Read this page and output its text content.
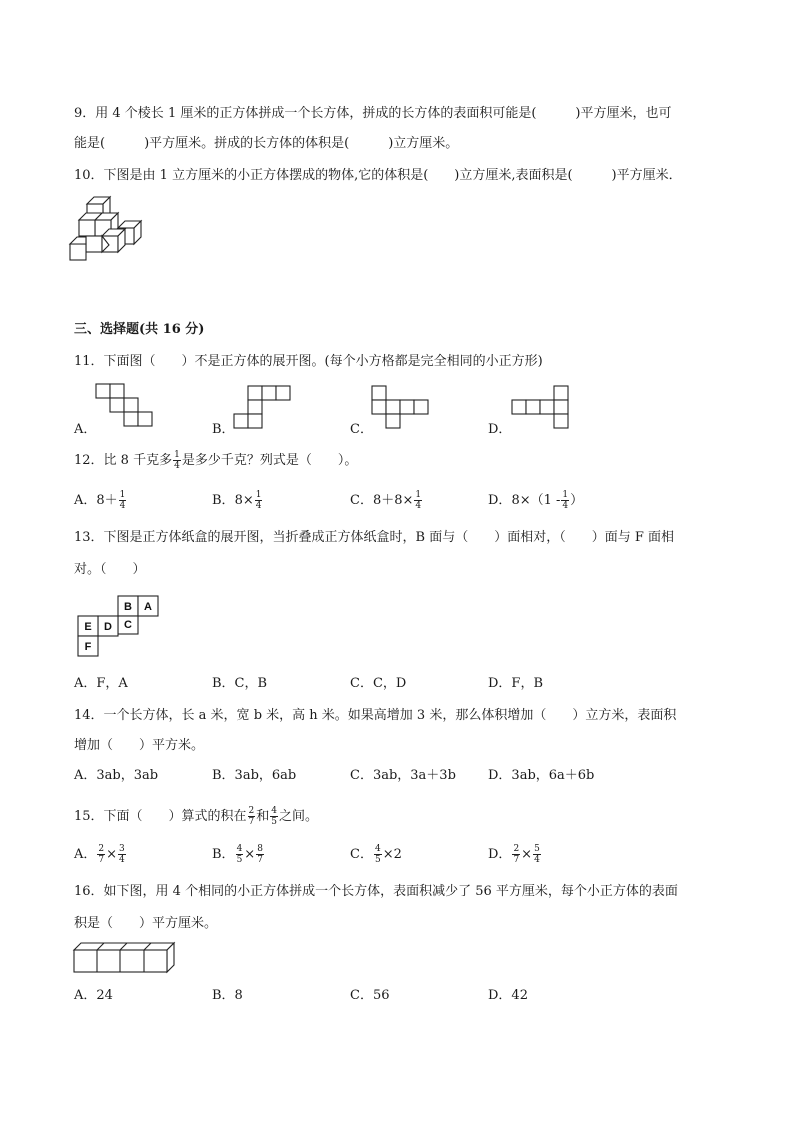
9．用 4 个棱长 1 厘米的正方体拼成一个长方体，拼成的长方体的表面积可能是(　　　)平方厘米，也可
能是(　　　)平方厘米。拼成的长方体的体积是(　　　)立方厘米。
10．下图是由 1 立方厘米的小正方体摆成的物体,它的体积是(　　)立方厘米,表面积是(　　　)平方厘米．
三、选择题(共 16 分)
11．下面图（　　）不是正方体的展开图。(每个小方格都是完全相同的小正方形)
A．	B．	C．	D．
12．比 8 千克多 $\frac{1}{4}$ 是多少千克？列式是（　　）。
A．$8+ \frac{1}{4}$	B．$8\times \frac{1}{4}$	C．$8+8\times \frac{1}{4}$	D．$8\times(1 - \frac{1}{4}$ ）
13．下图是正方体纸盒的展开图，当折叠成正方体纸盒时，B 面与（　　）面相对，（　　）面与 F 面相
对。（　　）
B A
C
D
E
F
A．F，A	B．C，B	C．C，D	D．F，B
14．一个长方体，长 a 米，宽 b 米，高 h 米。如果高增加 3 米，那么体积增加（　　）立方米，表面积
增加（　　）平方米。
A．3ab，3ab	B．3ab，6ab	C．3ab，3a＋3b D．3ab，6a＋6b
15．下面（　　）算式的积在 $\frac{2}{7}$ 和 $\frac{4}{5}$ 之间。
A． $\frac{2}{7} \times \frac{3}{4}$	B． $\frac{4}{5} \times \frac{8}{7}$	C． $\frac{4}{5} \times 2$	D． $\frac{2}{7} \times \frac{5}{4}$
16．如下图，用 4 个相同的小正方体拼成一个长方体，表面积减少了 56 平方厘米，每个小正方体的表面
积是（　　）平方厘米。
A．24	B．8	C．56	D．42
